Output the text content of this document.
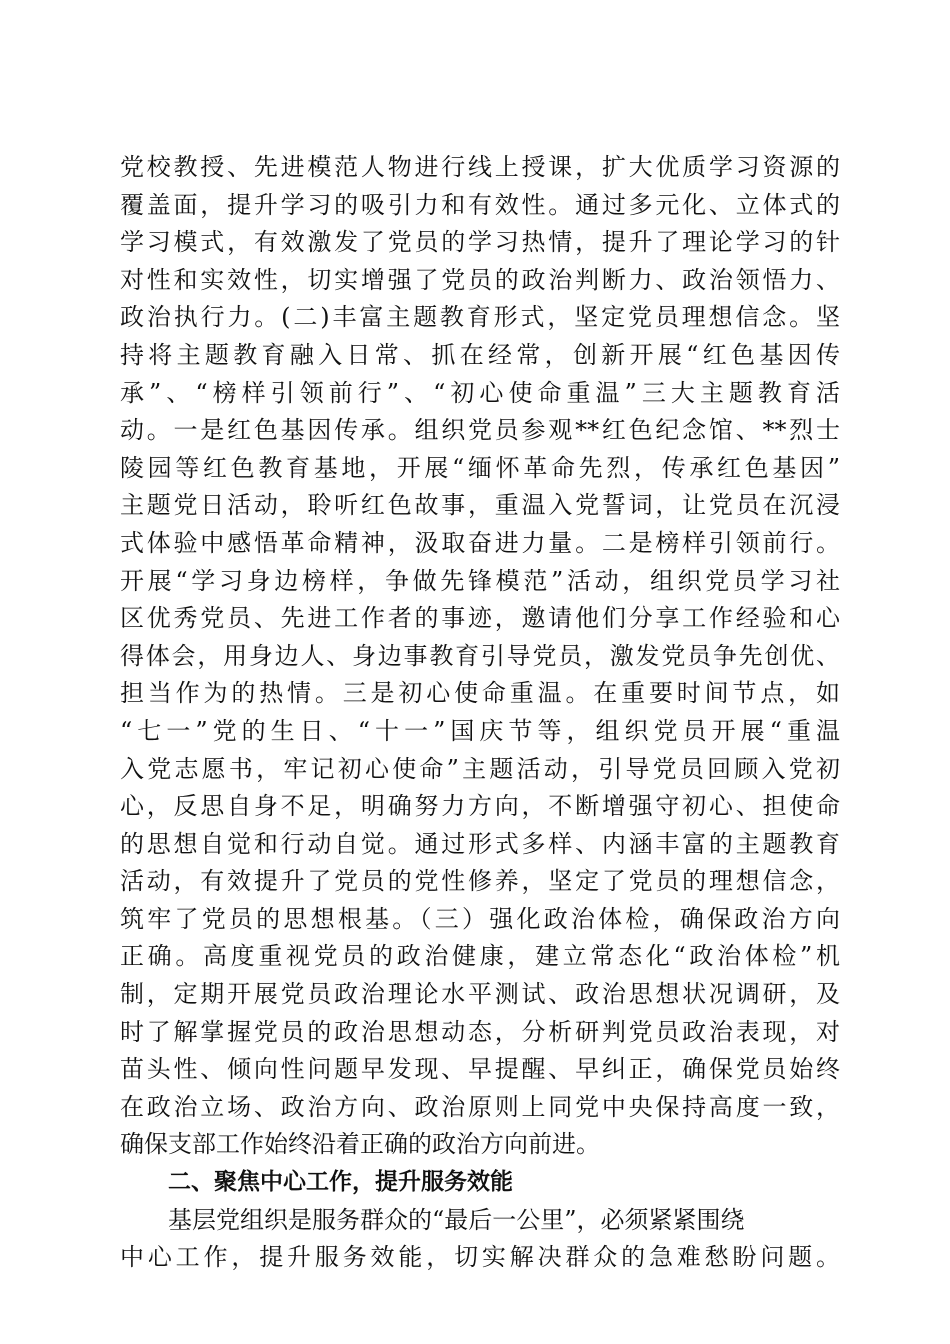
党校教授、先进模范人物进行线上授课，扩大优质学习资源的
覆盖面，提升学习的吸引力和有效性。通过多元化、立体式的
学习模式，有效激发了党员的学习热情，提升了理论学习的针
对性和实效性，切实增强了党员的政治判断力、政治领悟力、
政治执行力。(二)丰富主题教育形式，坚定党员理想信念。坚
持将主题教育融入日常、抓在经常，创新开展“红色基因传
承”、“榜样引领前行”、“初心使命重温”三大主题教育活
动。一是红色基因传承。组织党员参观**红色纪念馆、**烈士
陵园等红色教育基地，开展“缅怀革命先烈，传承红色基因”
主题党日活动，聆听红色故事，重温入党誓词，让党员在沉浸
式体验中感悟革命精神，汲取奋进力量。二是榜样引领前行。
开展“学习身边榜样，争做先锋模范”活动，组织党员学习社
区优秀党员、先进工作者的事迹，邀请他们分享工作经验和心
得体会，用身边人、身边事教育引导党员，激发党员争先创优、
担当作为的热情。三是初心使命重温。在重要时间节点，如
“七一”党的生日、“十一”国庆节等，组织党员开展“重温
入党志愿书，牢记初心使命”主题活动，引导党员回顾入党初
心，反思自身不足，明确努力方向，不断增强守初心、担使命
的思想自觉和行动自觉。通过形式多样、内涵丰富的主题教育
活动，有效提升了党员的党性修养，坚定了党员的理想信念，
筑牢了党员的思想根基。（三）强化政治体检，确保政治方向
正确。高度重视党员的政治健康，建立常态化“政治体检”机
制，定期开展党员政治理论水平测试、政治思想状况调研，及
时了解掌握党员的政治思想动态，分析研判党员政治表现，对
苗头性、倾向性问题早发现、早提醒、早纠正，确保党员始终
在政治立场、政治方向、政治原则上同党中央保持高度一致，
确保支部工作始终沿着正确的政治方向前进。
二、聚焦中心工作，提升服务效能
基层党组织是服务群众的“最后一公里”，必须紧紧围绕
中心工作，提升服务效能，切实解决群众的急难愁盼问题。
